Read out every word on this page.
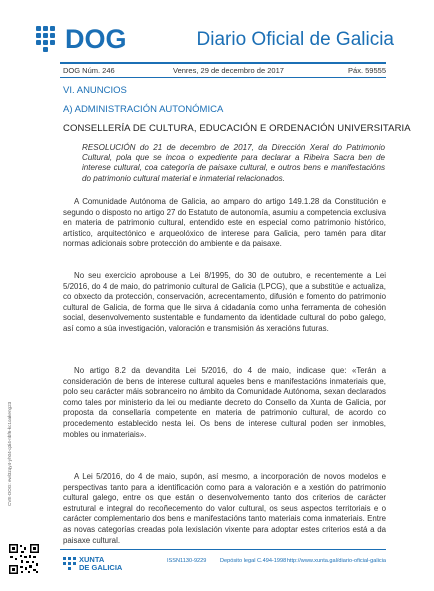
DOG	Diario Oficial de Galicia
DOG Núm. 246	Venres, 29 de decembro de 2017	Páx. 59555
VI. ANUNCIOS
A) ADMINISTRACIÓN AUTONÓMICA
CONSELLERÍA DE CULTURA, EDUCACIÓN E ORDENACIÓN UNIVERSITARIA
RESOLUCIÓN do 21 de decembro de 2017, da Dirección Xeral do Patrimonio Cultural, pola que se incoa o expediente para declarar a Ribeira Sacra ben de interese cultural, coa categoría de paisaxe cultural, e outros bens e manifestacións do patrimonio cultural material e inmaterial relacionados.

A Comunidade Autónoma de Galicia, ao amparo do artigo 149.1.28 da Constitución e segundo o disposto no artigo 27 do Estatuto de autonomía, asumiu a competencia exclusiva en materia de patrimonio cultural, entendido este en especial como patrimonio histórico, artístico, arquitectónico e arqueolóxico de interese para Galicia, pero tamén para ditar normas adicionais sobre protección do ambiente e da paisaxe.

No seu exercicio aprobouse a Lei 8/1995, do 30 de outubro, e recentemente a Lei 5/2016, do 4 de maio, do patrimonio cultural de Galicia (LPCG), que a substitúe e actualiza, co obxecto da protección, conservación, acrecentamento, difusión e fomento do patrimonio cultural de Galicia, de forma que lle sirva á cidadanía como unha ferramenta de cohesión social, desenvolvemento sustentable e fundamento da identidade cultural do pobo galego, así como a súa investigación, valoración e transmisión ás xeracións futuras.

No artigo 8.2 da devandita Lei 5/2016, do 4 de maio, indicase que: «Terán a consideración de bens de interese cultural aqueles bens e manifestacións inmateriais que, polo seu carácter máis sobranceiro no ámbito da Comunidade Autónoma, sexan declarados como tales por ministerio da lei ou mediante decreto do Consello da Xunta de Galicia, por proposta da consellaría competente en materia de patrimonio cultural, de acordo co procedemento establecido nesta lei. Os bens de interese cultural poden ser inmobles, mobles ou inmateriais».

A Lei 5/2016, do 4 de maio, supón, así mesmo, a incorporación de novos modelos e perspectivas tanto para a identificación como para a valoración e a xestión do patrimonio cultural galego, entre os que están o desenvolvemento tanto dos criterios de carácter estrutural e integral do recoñecemento do valor cultural, os seus aspectos territoriais e o carácter complementario dos bens e manifestacións tanto materiais coma inmateriais. Entre as novas categorías creadas pola lexislación vixente para adoptar estes criterios está a da paisaxe cultural.

CVE-DOG: ewl3zqy4-yh04-q3i4-nbf6-kc1oakeng23
XUNTA
DE GALICIA
ISSN1130-9229 Depósito legal C.494-1998 http://www.xunta.gal/diario-oficial-galicia
